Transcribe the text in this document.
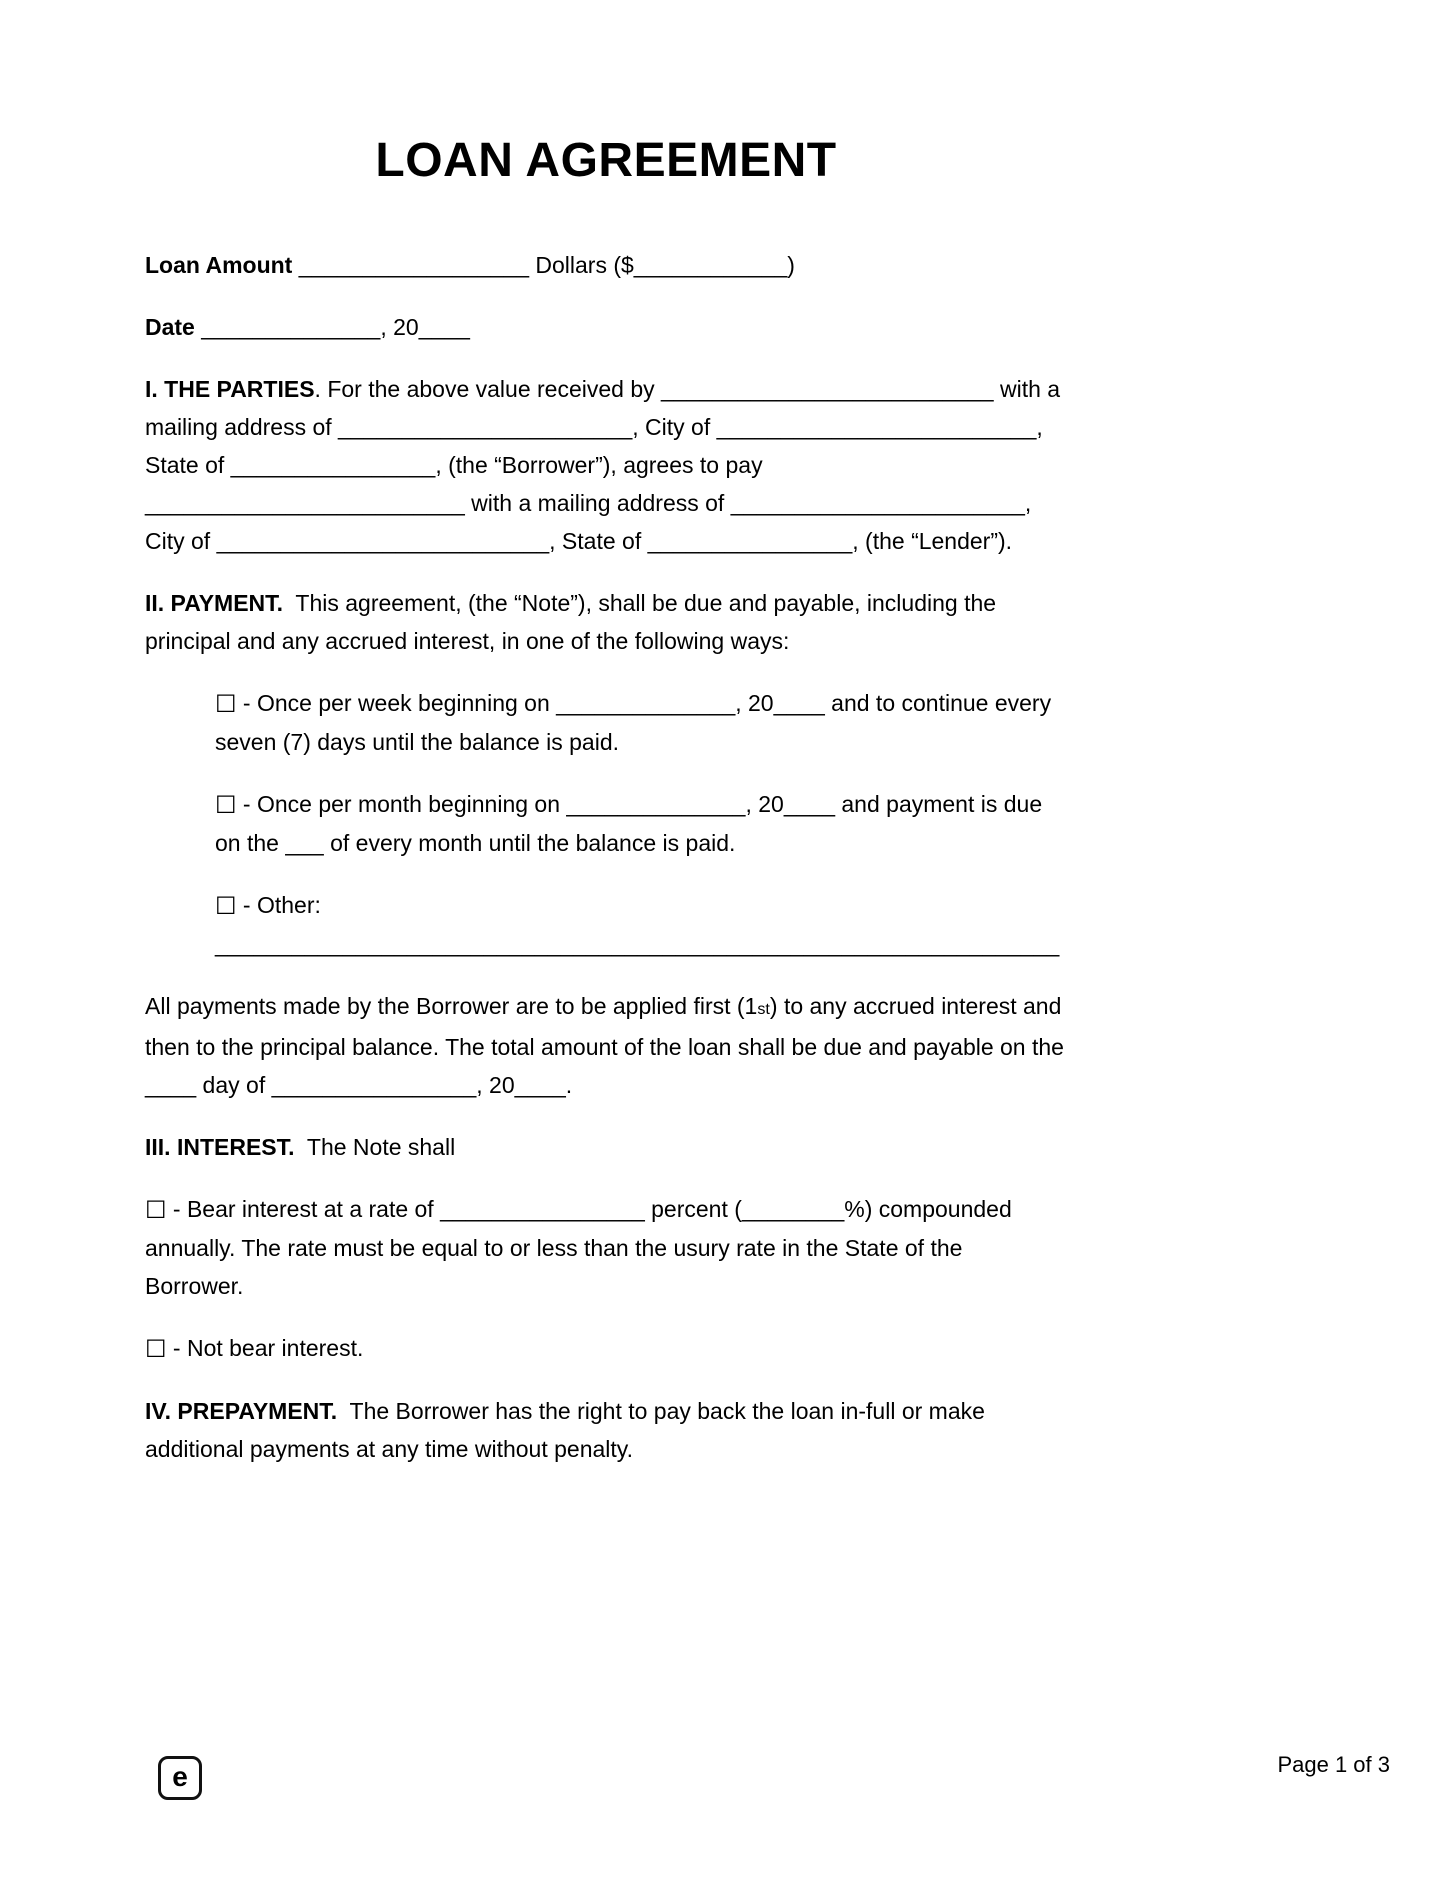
LOAN AGREEMENT

Loan Amount __________________ Dollars ($____________)

Date ______________, 20____

I. THE PARTIES. For the above value received by __________________________ with a mailing address of _______________________, City of _________________________, State of ________________, (the “Borrower”), agrees to pay _________________________ with a mailing address of _______________________, City of __________________________, State of ________________, (the “Lender”).

II. PAYMENT.  This agreement, (the “Note”), shall be due and payable, including the principal and any accrued interest, in one of the following ways:

☐ - Once per week beginning on ______________, 20____ and to continue every seven (7) days until the balance is paid.

☐ - Once per month beginning on ______________, 20____ and payment is due on the ___ of every month until the balance is paid.

☐ - Other: __________________________________________________________________

All payments made by the Borrower are to be applied first (1st) to any accrued interest and then to the principal balance. The total amount of the loan shall be due and payable on the ____ day of ________________, 20____.

III. INTEREST.  The Note shall

☐ - Bear interest at a rate of ________________ percent (________%) compounded annually. The rate must be equal to or less than the usury rate in the State of the Borrower.

☐ - Not bear interest.

IV. PREPAYMENT.  The Borrower has the right to pay back the loan in-full or make additional payments at any time without penalty.

e	Page 1 of 3
